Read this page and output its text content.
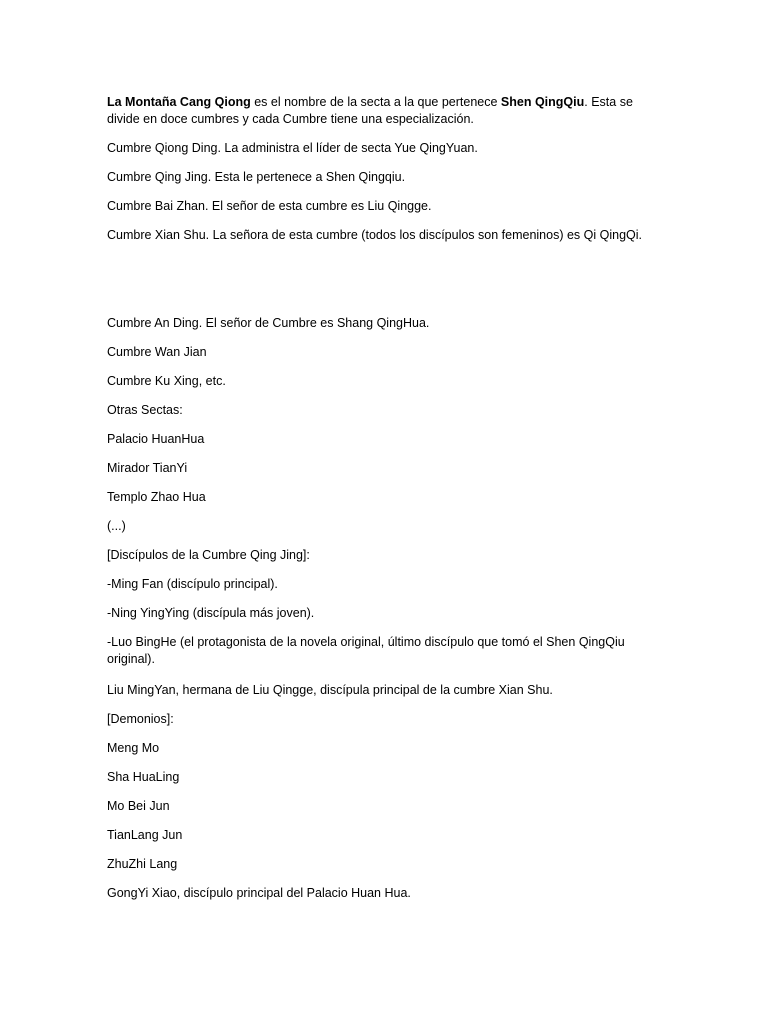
La Montaña Cang Qiong es el nombre de la secta a la que pertenece Shen QingQiu. Esta se divide en doce cumbres y cada Cumbre tiene una especialización.

Cumbre Qiong Ding. La administra el líder de secta Yue QingYuan.

Cumbre Qing Jing. Esta le pertenece a Shen Qingqiu.

Cumbre Bai Zhan. El señor de esta cumbre es Liu Qingge.

Cumbre Xian Shu. La señora de esta cumbre (todos los discípulos son femeninos) es Qi QingQi.

Cumbre An Ding. El señor de Cumbre es Shang QingHua.

Cumbre Wan Jian

Cumbre Ku Xing, etc.

Otras Sectas:

Palacio HuanHua

Mirador TianYi

Templo Zhao Hua

(...)

[Discípulos de la Cumbre Qing Jing]:

-Ming Fan (discípulo principal).

-Ning YingYing (discípula más joven).

-Luo BingHe (el protagonista de la novela original, último discípulo que tomó el Shen QingQiu original).

Liu MingYan, hermana de Liu Qingge, discípula principal de la cumbre Xian Shu.

[Demonios]:

Meng Mo

Sha HuaLing

Mo Bei Jun

TianLang Jun

ZhuZhi Lang

GongYi Xiao, discípulo principal del Palacio Huan Hua.
